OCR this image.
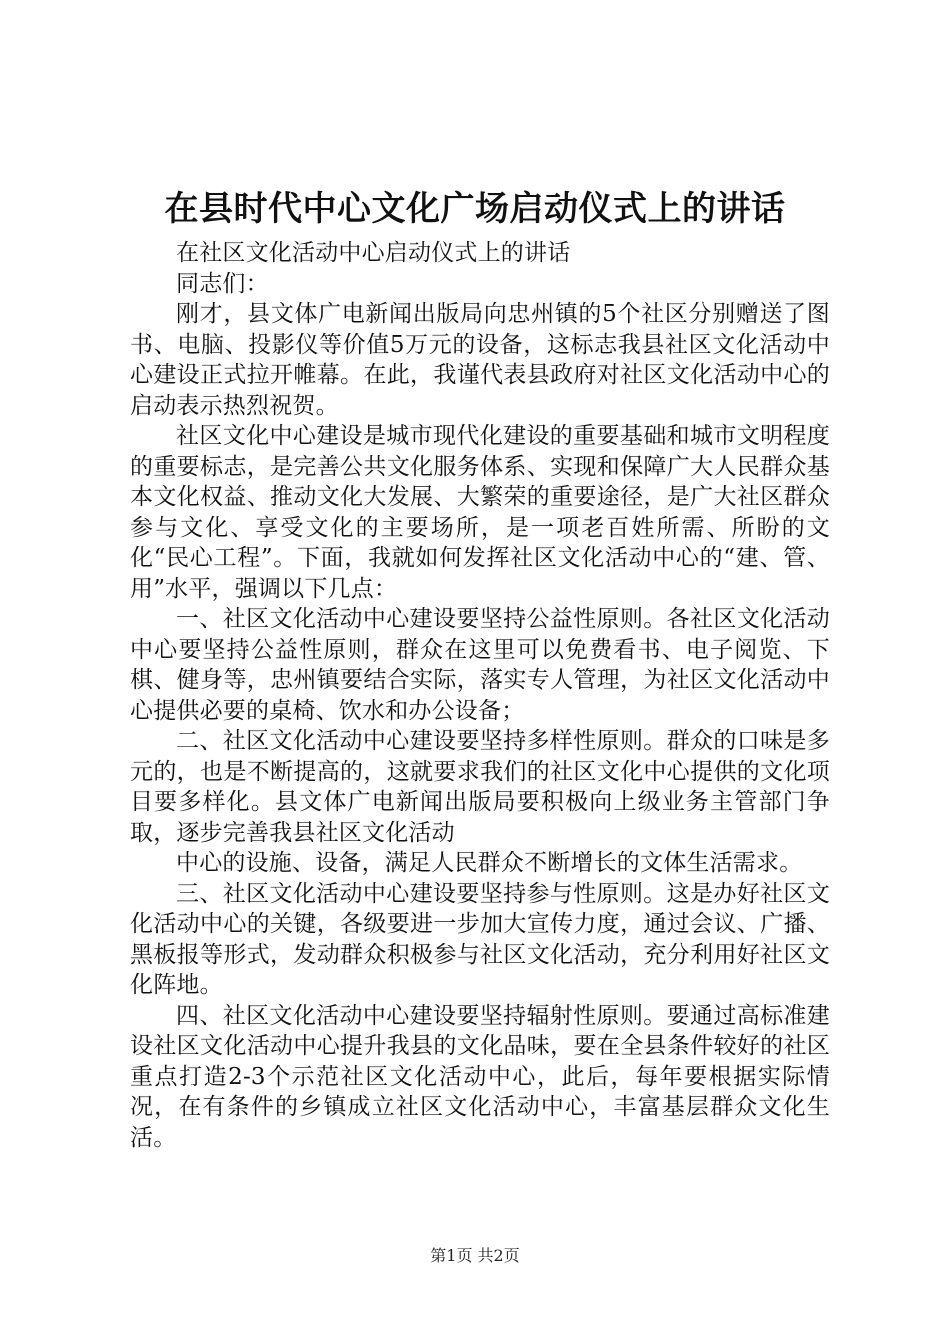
在县时代中心文化广场启动仪式上的讲话

在社区文化活动中心启动仪式上的讲话

同志们：

刚才，县文体广电新闻出版局向忠州镇的5个社区分别赠送了图书、电脑、投影仪等价值5万元的设备，这标志我县社区文化活动中心建设正式拉开帷幕。在此，我谨代表县政府对社区文化活动中心的启动表示热烈祝贺。

社区文化中心建设是城市现代化建设的重要基础和城市文明程度的重要标志，是完善公共文化服务体系、实现和保障广大人民群众基本文化权益、推动文化大发展、大繁荣的重要途径，是广大社区群众参与文化、享受文化的主要场所，是一项老百姓所需、所盼的文化“民心工程”。下面，我就如何发挥社区文化活动中心的“建、管、用”水平，强调以下几点：

一、社区文化活动中心建设要坚持公益性原则。各社区文化活动中心要坚持公益性原则，群众在这里可以免费看书、电子阅览、下棋、健身等，忠州镇要结合实际，落实专人管理，为社区文化活动中心提供必要的桌椅、饮水和办公设备；

二、社区文化活动中心建设要坚持多样性原则。群众的口味是多元的，也是不断提高的，这就要求我们的社区文化中心提供的文化项目要多样化。县文体广电新闻出版局要积极向上级业务主管部门争取，逐步完善我县社区文化活动

中心的设施、设备，满足人民群众不断增长的文体生活需求。

三、社区文化活动中心建设要坚持参与性原则。这是办好社区文化活动中心的关键，各级要进一步加大宣传力度，通过会议、广播、黑板报等形式，发动群众积极参与社区文化活动，充分利用好社区文化阵地。

四、社区文化活动中心建设要坚持辐射性原则。要通过高标准建设社区文化活动中心提升我县的文化品味，要在全县条件较好的社区重点打造2-3个示范社区文化活动中心，此后，每年要根据实际情况，在有条件的乡镇成立社区文化活动中心，丰富基层群众文化生活。

第1页 共2页
